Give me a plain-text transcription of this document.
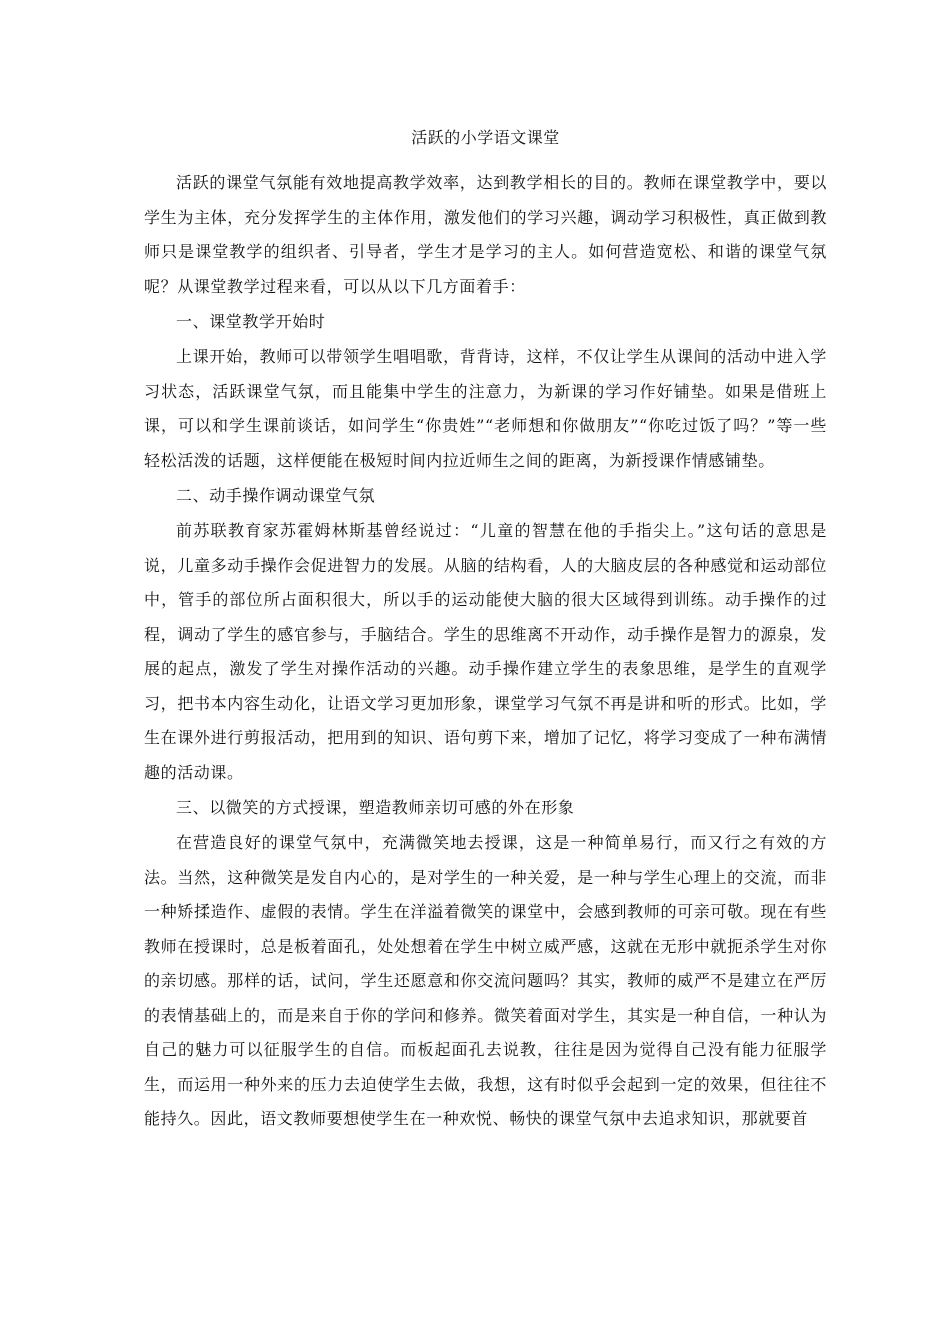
活跃的小学语文课堂

活跃的课堂气氛能有效地提高教学效率，达到教学相长的目的。教师在课堂教学中，要以学生为主体，充分发挥学生的主体作用，激发他们的学习兴趣，调动学习积极性，真正做到教师只是课堂教学的组织者、引导者，学生才是学习的主人。如何营造宽松、和谐的课堂气氛呢？从课堂教学过程来看，可以从以下几方面着手：

一、课堂教学开始时

上课开始，教师可以带领学生唱唱歌，背背诗，这样，不仅让学生从课间的活动中进入学习状态，活跃课堂气氛，而且能集中学生的注意力，为新课的学习作好铺垫。如果是借班上课，可以和学生课前谈话，如问学生“你贵姓”“老师想和你做朋友”“你吃过饭了吗？”等一些轻松活泼的话题，这样便能在极短时间内拉近师生之间的距离，为新授课作情感铺垫。

二、动手操作调动课堂气氛

前苏联教育家苏霍姆林斯基曾经说过：“儿童的智慧在他的手指尖上。”这句话的意思是说，儿童多动手操作会促进智力的发展。从脑的结构看，人的大脑皮层的各种感觉和运动部位中，管手的部位所占面积很大，所以手的运动能使大脑的很大区域得到训练。动手操作的过程，调动了学生的感官参与，手脑结合。学生的思维离不开动作，动手操作是智力的源泉，发展的起点，激发了学生对操作活动的兴趣。动手操作建立学生的表象思维，是学生的直观学习，把书本内容生动化，让语文学习更加形象，课堂学习气氛不再是讲和听的形式。比如，学生在课外进行剪报活动，把用到的知识、语句剪下来，增加了记忆，将学习变成了一种布满情趣的活动课。

三、以微笑的方式授课，塑造教师亲切可感的外在形象

在营造良好的课堂气氛中，充满微笑地去授课，这是一种简单易行，而又行之有效的方法。当然，这种微笑是发自内心的，是对学生的一种关爱，是一种与学生心理上的交流，而非一种矫揉造作、虚假的表情。学生在洋溢着微笑的课堂中，会感到教师的可亲可敬。现在有些教师在授课时，总是板着面孔，处处想着在学生中树立威严感，这就在无形中就扼杀学生对你的亲切感。那样的话，试问，学生还愿意和你交流问题吗？其实，教师的威严不是建立在严厉的表情基础上的，而是来自于你的学问和修养。微笑着面对学生，其实是一种自信，一种认为自己的魅力可以征服学生的自信。而板起面孔去说教，往往是因为觉得自己没有能力征服学生，而运用一种外来的压力去迫使学生去做，我想，这有时似乎会起到一定的效果，但往往不能持久。因此，语文教师要想使学生在一种欢悦、畅快的课堂气氛中去追求知识，那就要首
